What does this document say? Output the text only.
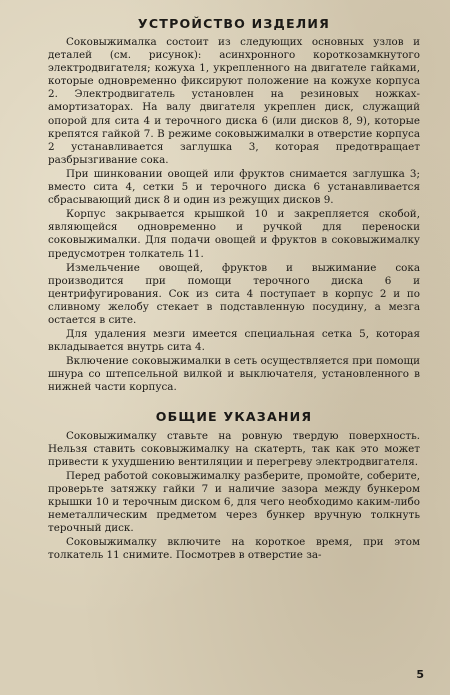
УСТРОЙСТВО ИЗДЕЛИЯ

Соковыжималка состоит из следующих основных узлов и деталей (см. рисунок): асинхронного короткозамкнутого электродвигателя; кожуха 1, укрепленного на двигателе гайками, которые одновременно фиксируют положение на кожухе корпуса 2. Электродвигатель установлен на резиновых ножках-амортизаторах. На валу двигателя укреплен диск, служащий опорой для сита 4 и терочного диска 6 (или дисков 8, 9), которые крепятся гайкой 7. В режиме соковыжималки в отверстие корпуса 2 устанавливается заглушка 3, которая предотвращает разбрызгивание сока.

При шинковании овощей или фруктов снимается заглушка 3; вместо сита 4, сетки 5 и терочного диска 6 устанавливается сбрасывающий диск 8 и один из режущих дисков 9.

Корпус закрывается крышкой 10 и закрепляется скобой, являющейся одновременно и ручкой для переноски соковыжималки. Для подачи овощей и фруктов в соковыжималку предусмотрен толкатель 11.

Измельчение овощей, фруктов и выжимание сока производится при помощи терочного диска 6 и центрифугирования. Сок из сита 4 поступает в корпус 2 и по сливному желобу стекает в подставленную посудину, а мезга остается в сите.

Для удаления мезги имеется специальная сетка 5, которая вкладывается внутрь сита 4.

Включение соковыжималки в сеть осуществляется при помощи шнура со штепсельной вилкой и выключателя, установленного в нижней части корпуса.

ОБЩИЕ УКАЗАНИЯ

Соковыжималку ставьте на ровную твердую поверхность. Нельзя ставить соковыжималку на скатерть, так как это может привести к ухудшению вентиляции и перегреву электродвигателя.

Перед работой соковыжималку разберите, промойте, соберите, проверьте затяжку гайки 7 и наличие зазора между бункером крышки 10 и терочным диском 6, для чего необходимо каким-либо неметаллическим предметом через бункер вручную толкнуть терочный диск.

Соковыжималку включите на короткое время, при этом толкатель 11 снимите. Посмотрев в отверстие за-

5
